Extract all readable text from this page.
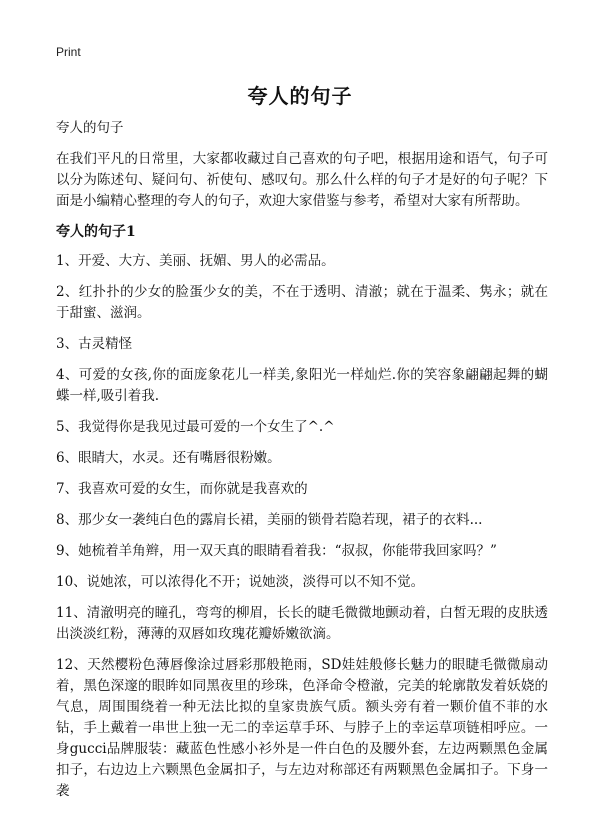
Print
夸人的句子

夸人的句子

在我们平凡的日常里，大家都收藏过自己喜欢的句子吧，根据用途和语气，句子可以分为陈述句、疑问句、祈使句、感叹句。那么什么样的句子才是好的句子呢？下面是小编精心整理的夸人的句子，欢迎大家借鉴与参考，希望对大家有所帮助。

夸人的句子1

1、开爱、大方、美丽、抚媚、男人的必需品。

2、红扑扑的少女的脸蛋少女的美，不在于透明、清澈；就在于温柔、隽永；就在于甜蜜、滋润。

3、古灵精怪

4、可爱的女孩,你的面庞象花儿一样美,象阳光一样灿烂.你的笑容象翩翩起舞的蝴蝶一样,吸引着我.

5、我觉得你是我见过最可爱的一个女生了^.^

6、眼睛大，水灵。还有嘴唇很粉嫩。

7、我喜欢可爱的女生，而你就是我喜欢的

8、那少女一袭纯白色的露肩长裙，美丽的锁骨若隐若现，裙子的衣料...

9、她梳着羊角辫，用一双天真的眼睛看着我：“叔叔，你能带我回家吗？”

10、说她浓，可以浓得化不开；说她淡，淡得可以不知不觉。

11、清澈明亮的瞳孔，弯弯的柳眉，长长的睫毛微微地颤动着，白皙无瑕的皮肤透出淡淡红粉，薄薄的双唇如玫瑰花瓣娇嫩欲滴。

12、天然樱粉色薄唇像涂过唇彩那般艳雨，SD娃娃般修长魅力的眼睫毛微微扇动着，黑色深邃的眼眸如同黑夜里的珍珠，色泽命令橙澈，完美的轮廓散发着妖娆的气息，周围围绕着一种无法比拟的皇家贵族气质。额头旁有着一颗价值不菲的水钻，手上戴着一串世上独一无二的幸运草手环、与脖子上的幸运草项链相呼应。一身gucci品牌服装：藏蓝色性感小衫外是一件白色的及腰外套，左边两颗黑色金属扣子，右边边上六颗黑色金属扣子，与左边对称部还有两颗黑色金属扣子。下身一袭
